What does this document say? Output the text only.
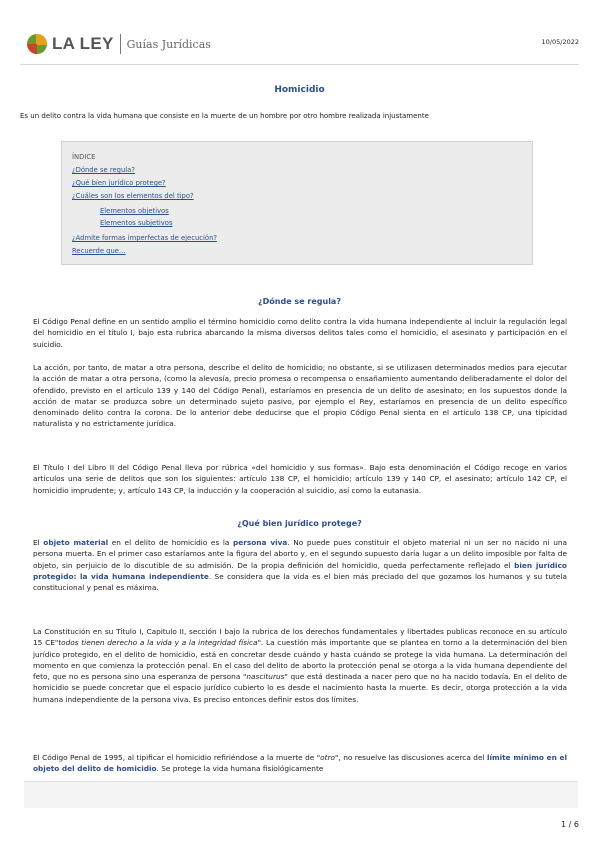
LA LEY Guías Jurídicas	10/05/2022
Homicidio
Es un delito contra la vida humana que consiste en la muerte de un hombre por otro hombre realizada injustamente
ÍNDICE
¿Dónde se regula?
¿Qué bien jurídico protege?
¿Cuáles son los elementos del tipo?
Elementos objetivos
Elementos subjetivos
¿Admite formas imperfectas de ejecución?
Recuerde que...
¿Dónde se regula?

El Código Penal define en un sentido amplio el término homicidio como delito contra la vida humana independiente al incluir la regulación legal del homicidio en el título I, bajo esta rubrica abarcando la misma diversos delitos tales como el homicidio, el asesinato y participación en el suicidio.

La acción, por tanto, de matar a otra persona, describe el delito de homicidio; no obstante, si se utilizasen determinados medios para ejecutar la acción de matar a otra persona, (como la alevosía, precio promesa o recompensa o ensañamiento aumentando deliberadamente el dolor del ofendido, previsto en el artículo 139 y 140 del Código Penal), estaríamos en presencia de un delito de asesinato; en los supuestos donde la acción de matar se produzca sobre un determinado sujeto pasivo, por ejemplo el Rey, estaríamos en presencia de un delito específico denominado delito contra la corona. De lo anterior debe deducirse que el propio Código Penal sienta en el artículo 138 CP, una tipicidad naturalista y no estrictamente jurídica.

El Título I del Libro II del Código Penal lleva por rúbrica «del homicidio y sus formas». Bajo esta denominación el Código recoge en varios artículos una serie de delitos que son los siguientes: artículo 138 CP, el homicidio; artículo 139 y 140 CP, el asesinato; artículo 142 CP, el homicidio imprudente; y, artículo 143 CP, la inducción y la cooperación al suicidio, así como la eutanasia.

¿Qué bien jurídico protege?

El objeto material en el delito de homicidio es la persona viva. No puede pues constituir el objeto material ni un ser no nacido ni una persona muerta. En el primer caso estaríamos ante la figura del aborto y, en el segundo supuesto daría lugar a un delito imposible por falta de objeto, sin perjuicio de lo discutible de su admisión. De la propia definición del homicidio, queda perfectamente reflejado el bien jurídico protegido: la vida humana independiente. Se considera que la vida es el bien más preciado del que gozamos los humanos y su tutela constitucional y penal es máxima.

La Constitución en su Titulo I, Capitulo II, sección I bajo la rubrica de los derechos fundamentales y libertades publicas reconoce en su artículo 15 CE"todos tienen derecho a la vida y a la integridad física". La cuestión más importante que se plantea en torno a la determinación del bien jurídico protegido, en el delito de homicidio, está en concretar desde cuándo y hasta cuándo se protege la vida humana. La determinación del momento en que comienza la protección penal. En el caso del delito de aborto la protección penal se otorga a la vida humana dependiente del feto, que no es persona sino una esperanza de persona "nasciturus" que está destinada a nacer pero que no ha nacido todavía. En el delito de homicidio se puede concretar que el espacio jurídico cubierto lo es desde el nacimiento hasta la muerte. Es decir, otorga protección a la vida humana independiente de la persona viva. Es preciso entonces definir estos dos límites.

El Código Penal de 1995, al tipificar el homicidio refiriéndose a la muerte de "otro", no resuelve las discusiones acerca del límite mínimo en el objeto del delito de homicidio. Se protege la vida humana fisiológicamente

1 / 6
